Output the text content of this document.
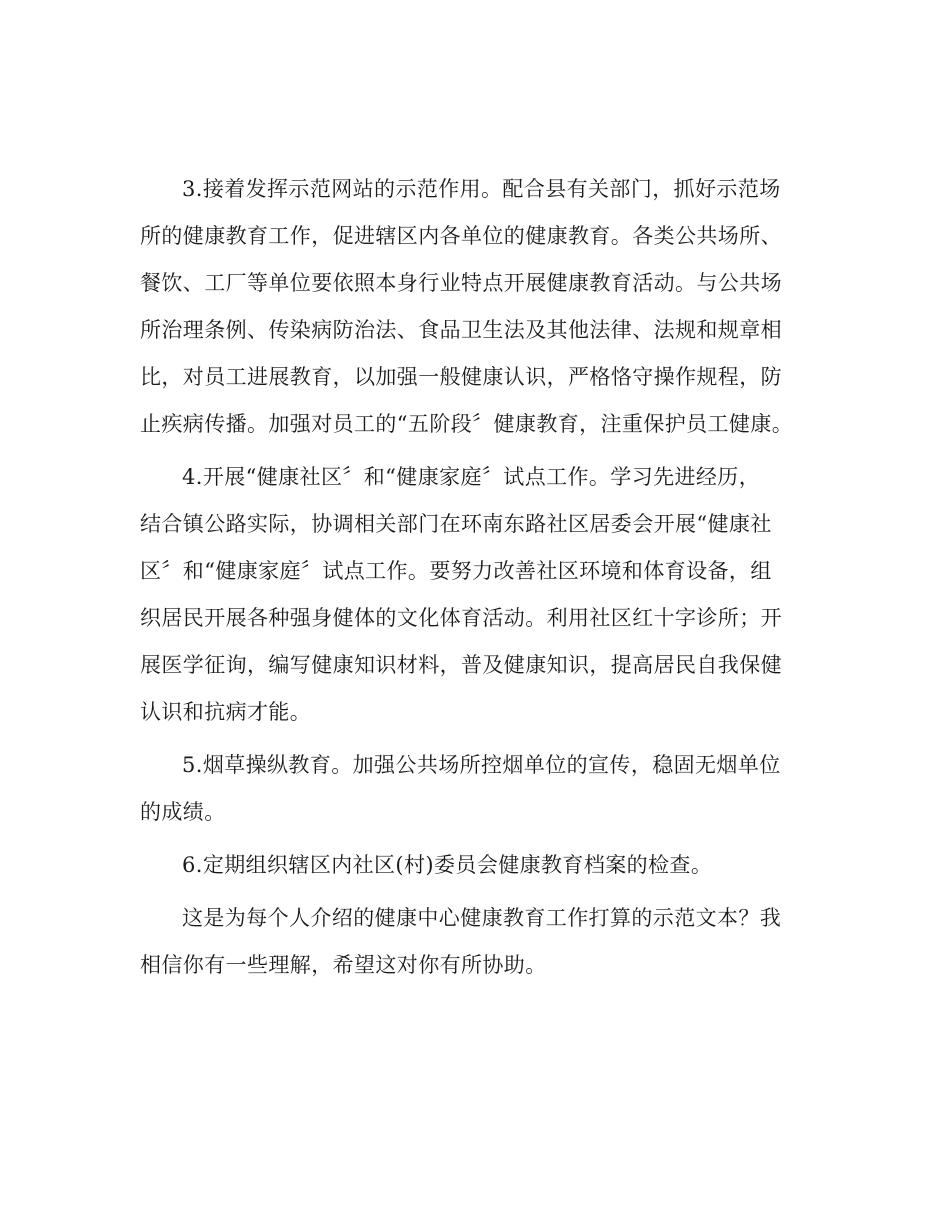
3.接着发挥示范网站的示范作用。配合县有关部门，抓好示范场
所的健康教育工作，促进辖区内各单位的健康教育。各类公共场所、
餐饮、工厂等单位要依照本身行业特点开展健康教育活动。与公共场
所治理条例、传染病防治法、食品卫生法及其他法律、法规和规章相
比，对员工进展教育，以加强一般健康认识，严格恪守操作规程，防
止疾病传播。加强对员工的“五阶段〞健康教育，注重保护员工健康。

4.开展“健康社区〞和“健康家庭〞试点工作。学习先进经历，
结合镇公路实际，协调相关部门在环南东路社区居委会开展“健康社
区〞和“健康家庭〞试点工作。要努力改善社区环境和体育设备，组
织居民开展各种强身健体的文化体育活动。利用社区红十字诊所；开
展医学征询，编写健康知识材料，普及健康知识，提高居民自我保健
认识和抗病才能。

5.烟草操纵教育。加强公共场所控烟单位的宣传，稳固无烟单位
的成绩。

6.定期组织辖区内社区(村)委员会健康教育档案的检查。

这是为每个人介绍的健康中心健康教育工作打算的示范文本？我
相信你有一些理解，希望这对你有所协助。
